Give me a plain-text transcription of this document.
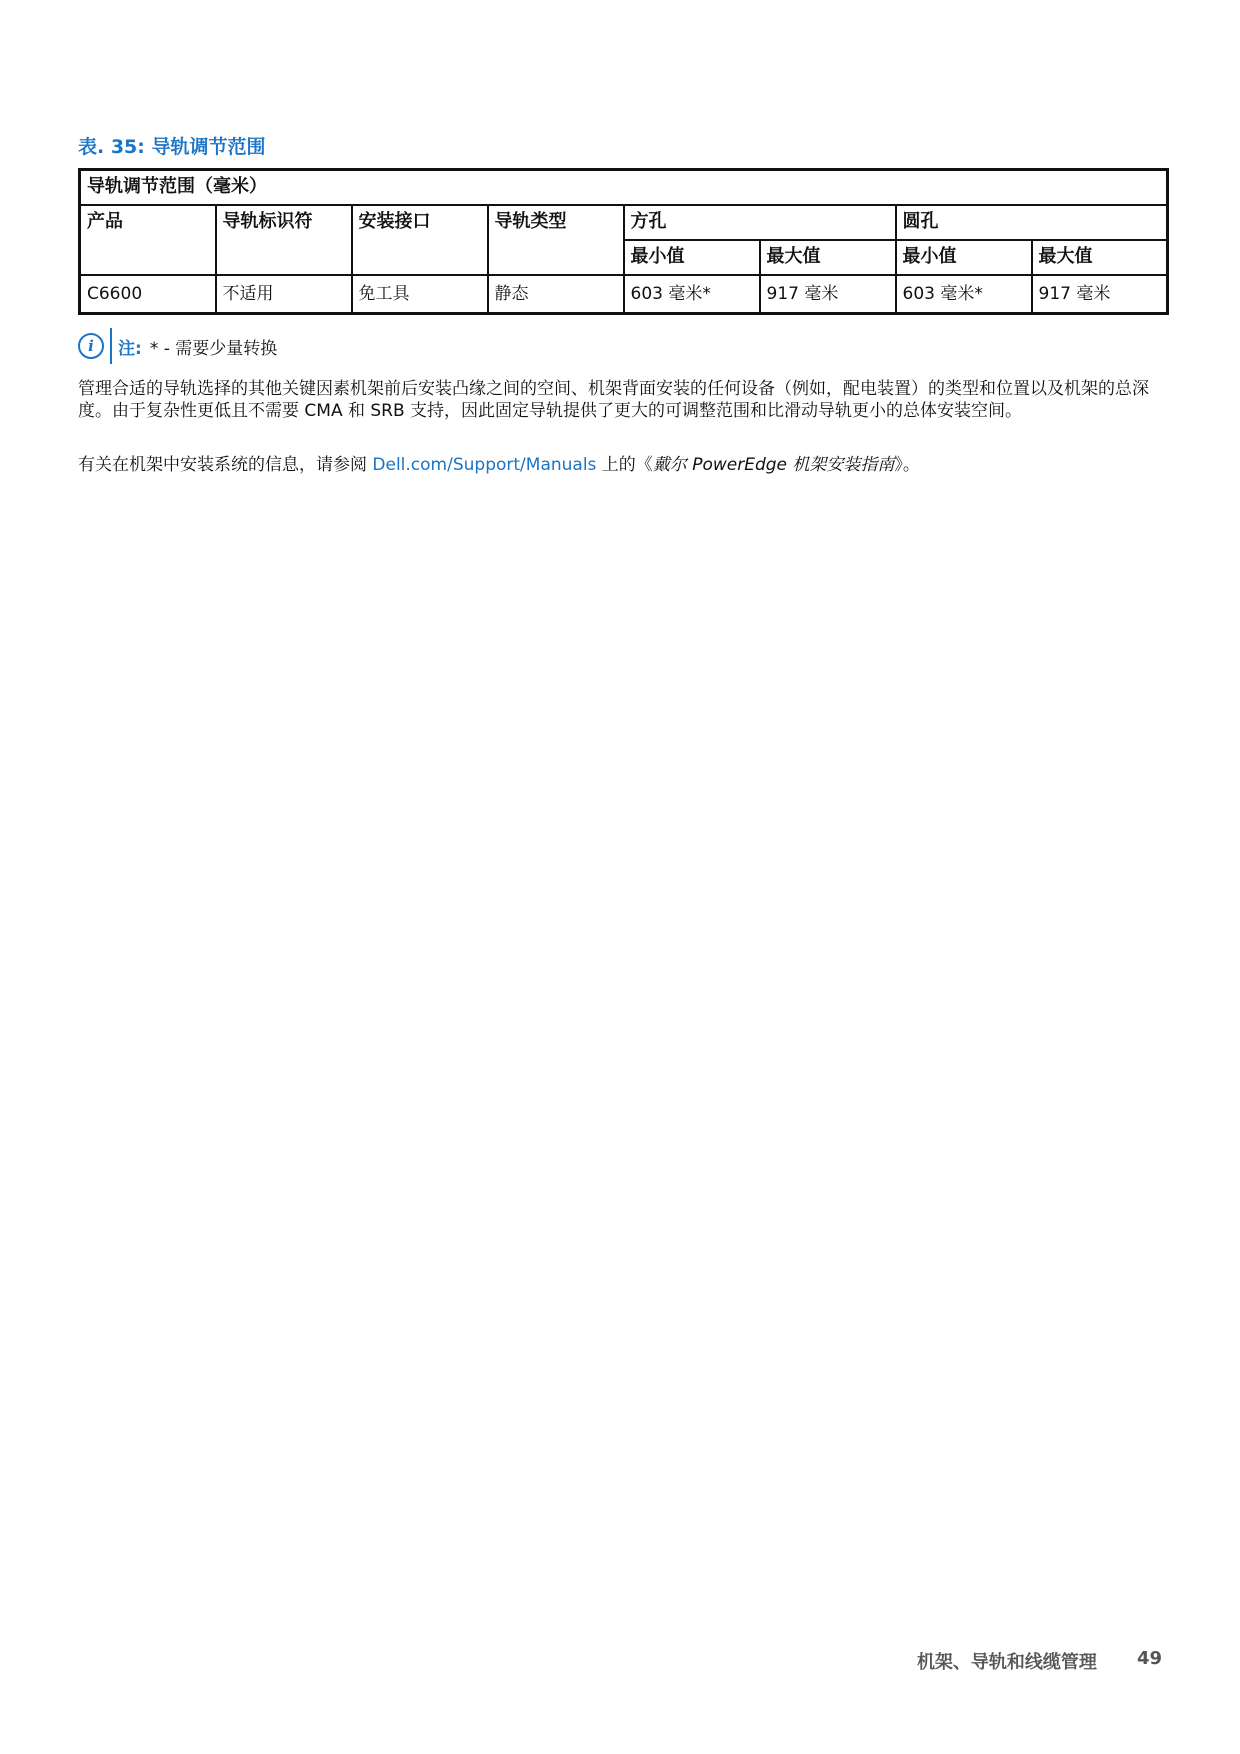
表. 35: 导轨调节范围
导轨调节范围（毫米）							
产品	导轨标识符	安装接口	导轨类型	方孔		圆孔	
				最小值	最大值	最小值	最大值
C6600	不适用	免工具	静态	603 毫米*	917 毫米	603 毫米*	917 毫米
i	注: * - 需要少量转换
管理合适的导轨选择的其他关键因素机架前后安装凸缘之间的空间、机架背面安装的任何设备（例如，配电装置）的类型和位置以及机架的总深度。由于复杂性更低且不需要 CMA 和 SRB 支持，因此固定导轨提供了更大的可调整范围和比滑动导轨更小的总体安装空间。
有关在机架中安装系统的信息，请参阅 Dell.com/Support/Manuals 上的《戴尔 PowerEdge 机架安装指南》。
机架、导轨和线缆管理 49
